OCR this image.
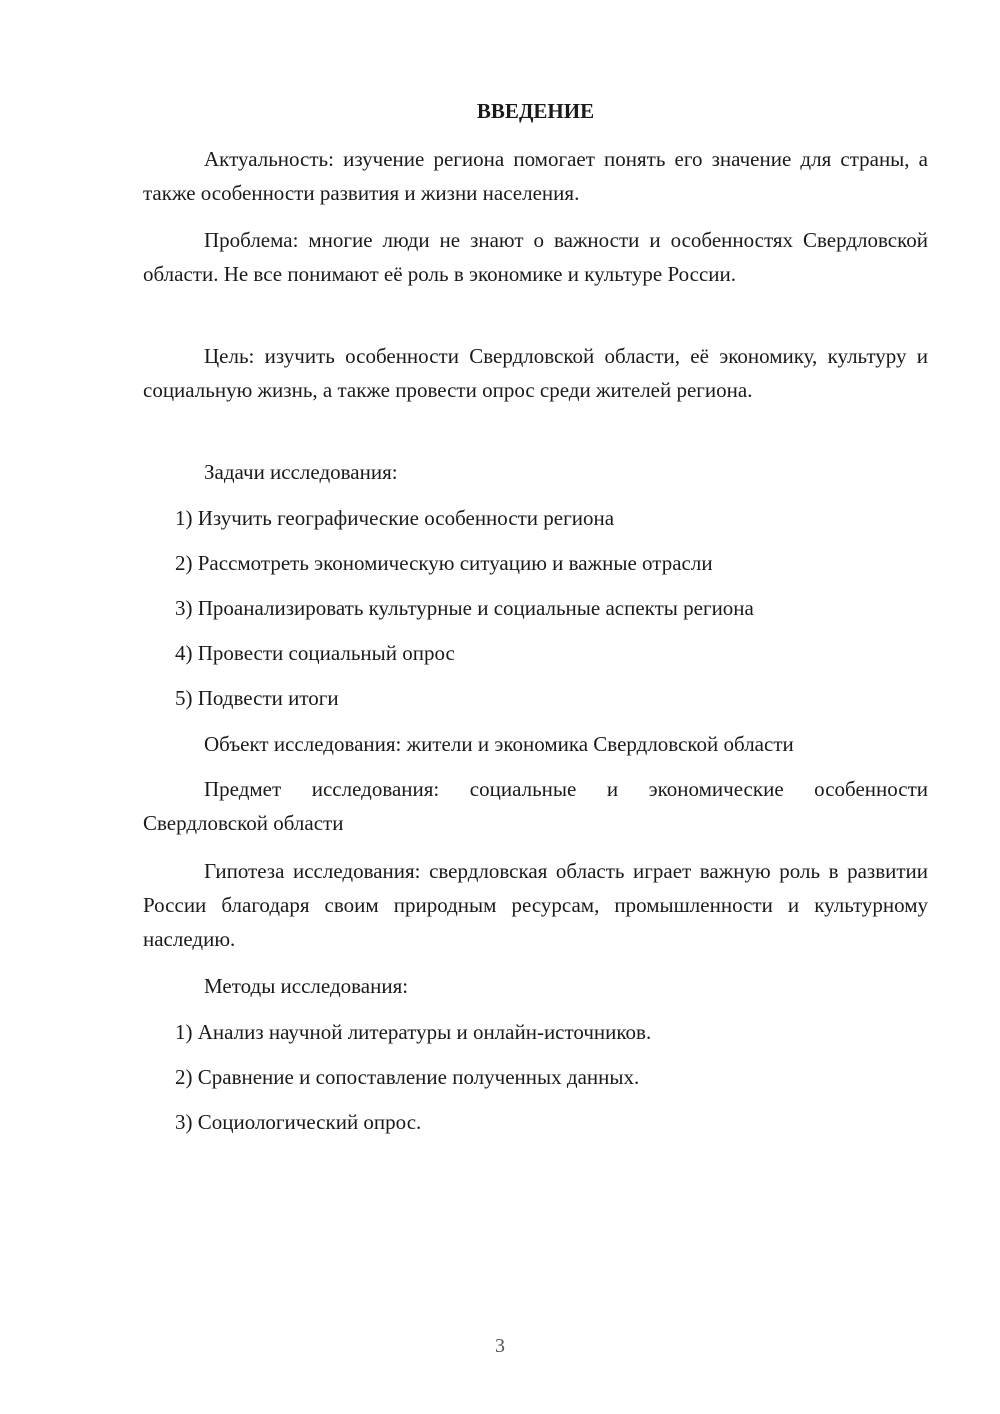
ВВЕДЕНИЕ
Актуальность: изучение региона помогает понять его значение для страны, а также особенности развития и жизни населения.
Проблема: многие люди не знают о важности и особенностях Свердловской области. Не все понимают её роль в экономике и культуре России.
Цель: изучить особенности Свердловской области, её экономику, культуру и социальную жизнь, а также провести опрос среди жителей региона.
Задачи исследования:
1) Изучить географические особенности региона
2) Рассмотреть экономическую ситуацию и важные отрасли
3) Проанализировать культурные и социальные аспекты региона
4) Провести социальный опрос
5) Подвести итоги
Объект исследования: жители и экономика Свердловской области
Предмет исследования: социальные и экономические особенности Свердловской области
Гипотеза исследования: свердловская область играет важную роль в развитии России благодаря своим природным ресурсам, промышленности и культурному наследию.
Методы исследования:
1) Анализ научной литературы и онлайн-источников.
2) Сравнение и сопоставление полученных данных.
3) Социологический опрос.
3
